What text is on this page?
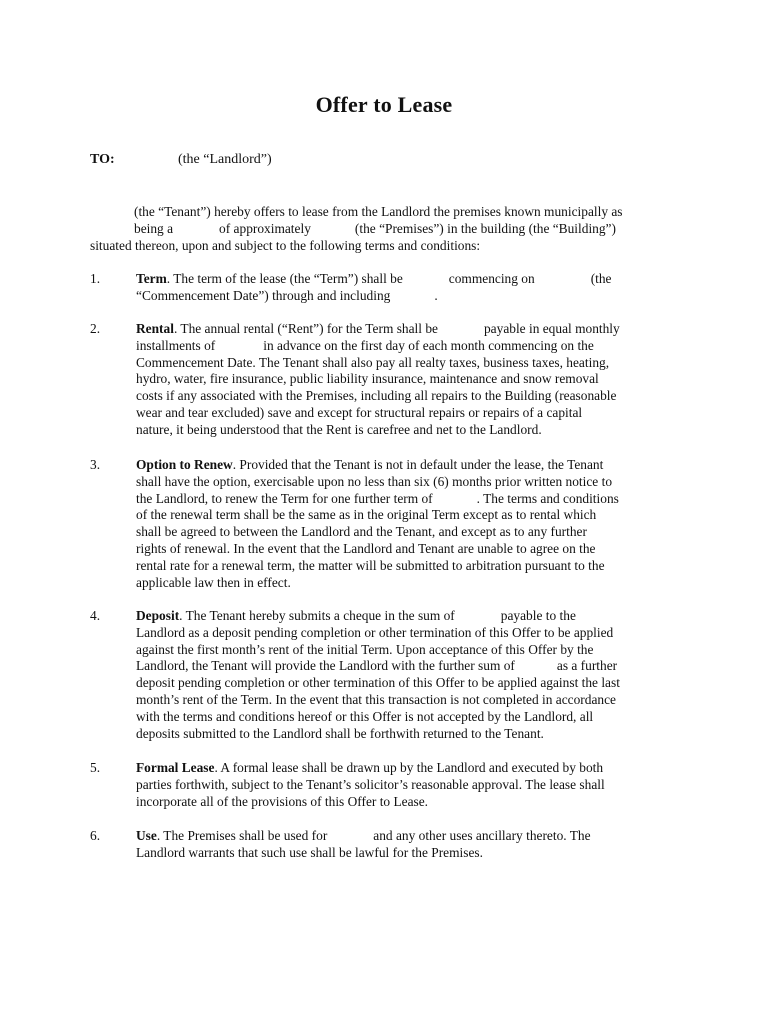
Offer to Lease
TO:	(the “Landlord”)
(the “Tenant”) hereby offers to lease from the Landlord the premises known municipally as
being a	of approximately	(the “Premises”) in the building (the “Building”)
situated thereon, upon and subject to the following terms and conditions:
1.	Term. The term of the lease (the “Term”) shall be	commencing on	(the
“Commencement Date”) through and including	.
2.	Rental. The annual rental (“Rent”) for the Term shall be	payable in equal monthly
installments of	in advance on the first day of each month commencing on the
Commencement Date. The Tenant shall also pay all realty taxes, business taxes, heating,
hydro, water, fire insurance, public liability insurance, maintenance and snow removal
costs if any associated with the Premises, including all repairs to the Building (reasonable
wear and tear excluded) save and except for structural repairs or repairs of a capital
nature, it being understood that the Rent is carefree and net to the Landlord.
3.	Option to Renew. Provided that the Tenant is not in default under the lease, the Tenant
shall have the option, exercisable upon no less than six (6) months prior written notice to
the Landlord, to renew the Term for one further term of	. The terms and conditions
of the renewal term shall be the same as in the original Term except as to rental which
shall be agreed to between the Landlord and the Tenant, and except as to any further
rights of renewal. In the event that the Landlord and Tenant are unable to agree on the
rental rate for a renewal term, the matter will be submitted to arbitration pursuant to the
applicable law then in effect.
4.	Deposit. The Tenant hereby submits a cheque in the sum of	payable to the
Landlord as a deposit pending completion or other termination of this Offer to be applied
against the first month’s rent of the initial Term. Upon acceptance of this Offer by the
Landlord, the Tenant will provide the Landlord with the further sum of	as a further
deposit pending completion or other termination of this Offer to be applied against the last
month’s rent of the Term. In the event that this transaction is not completed in accordance
with the terms and conditions hereof or this Offer is not accepted by the Landlord, all
deposits submitted to the Landlord shall be forthwith returned to the Tenant.
5.	Formal Lease. A formal lease shall be drawn up by the Landlord and executed by both
parties forthwith, subject to the Tenant’s solicitor’s reasonable approval. The lease shall
incorporate all of the provisions of this Offer to Lease.
6.	Use. The Premises shall be used for	and any other uses ancillary thereto. The
Landlord warrants that such use shall be lawful for the Premises.
